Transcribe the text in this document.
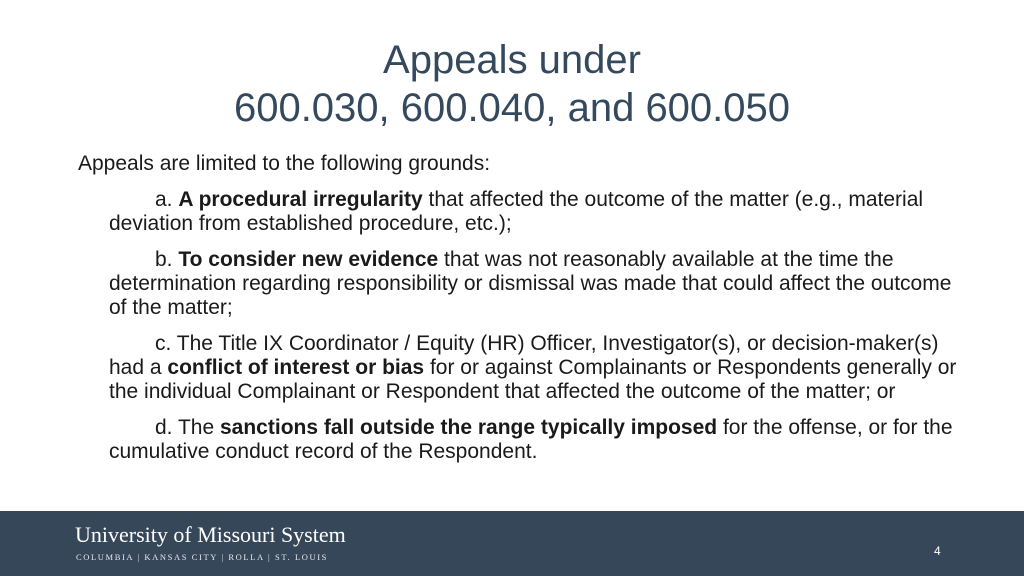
Appeals under
600.030, 600.040, and 600.050

Appeals are limited to the following grounds:

a. A procedural irregularity that affected the outcome of the matter (e.g., material deviation from established procedure, etc.);

b. To consider new evidence that was not reasonably available at the time the determination regarding responsibility or dismissal was made that could affect the outcome of the matter;

c. The Title IX Coordinator / Equity (HR) Officer, Investigator(s), or decision-maker(s) had a conflict of interest or bias for or against Complainants or Respondents generally or the individual Complainant or Respondent that affected the outcome of the matter; or

d. The sanctions fall outside the range typically imposed for the offense, or for the cumulative conduct record of the Respondent.

University of Missouri System
COLUMBIA | KANSAS CITY | ROLLA | ST. LOUIS	4
